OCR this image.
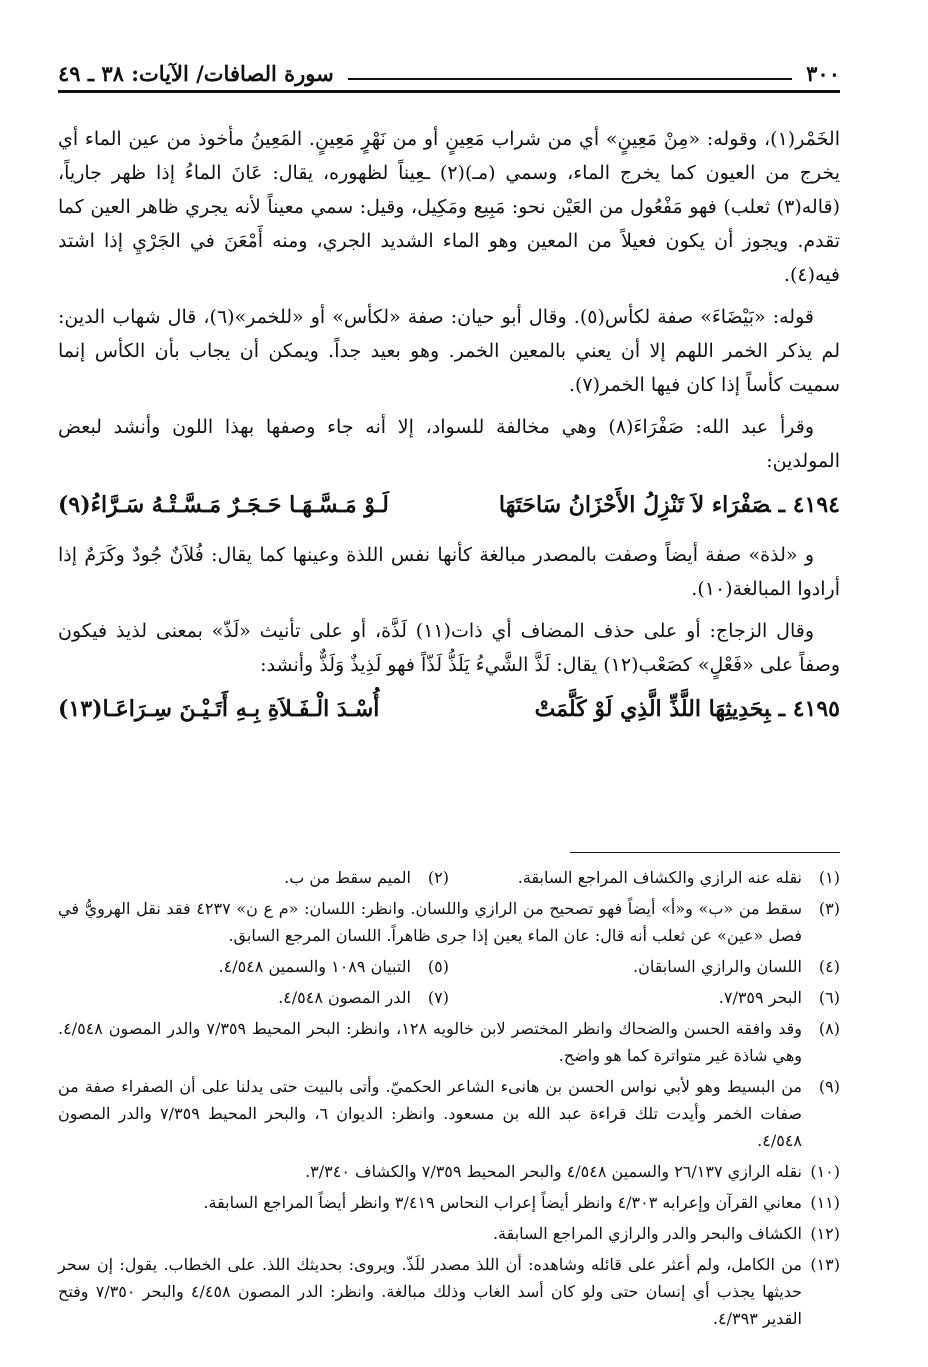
٣٠٠
سورة الصافات/ الآيات: ٣٨ ـ ٤٩

الخَمْر(١)، وقوله: «مِنْ مَعِينٍ» أي من شراب مَعِينٍ أو من نَهْرٍ مَعِينٍ. المَعِينُ مأخوذ من عين الماء أي يخرج من العيون كما يخرج الماء، وسمي (مـ)(٢) ـعِيناً لظهوره، يقال: عَانَ الماءُ إذا ظهر جارياً، (قاله(٣) ثعلب) فهو مَفْعُول من العَيْن نحو: مَبِيع ومَكِيل، وقيل: سمي معيناً لأنه يجري ظاهر العين كما تقدم. ويجوز أن يكون فعيلاً من المعين وهو الماء الشديد الجري، ومنه أَمْعَنَ في الجَرْيِ إذا اشتد فيه(٤).

قوله: «بَيْضَاءَ» صفة لكأس(٥). وقال أبو حيان: صفة «لكأس» أو «للخمر»(٦)، قال شهاب الدين: لم يذكر الخمر اللهم إلا أن يعني بالمعين الخمر. وهو بعيد جداً. ويمكن أن يجاب بأن الكأس إنما سميت كأساً إذا كان فيها الخمر(٧).

وقرأ عبد الله: صَفْرَاءَ(٨) وهي مخالفة للسواد، إلا أنه جاء وصفها بهذا اللون وأنشد لبعض المولدين:

٤١٩٤ ـصَفْرَاء لاَ تَنْزِلُ الأَحْزَانُ سَاحَتَهَا
لَـوْ مَـسَّـهَـا حَـجَـرٌ مَـسَّـتْـهُ سَـرَّاءُ(٩)

و «لذة» صفة أيضاً وصفت بالمصدر مبالغة كأنها نفس اللذة وعينها كما يقال: فُلاَنٌ جُودٌ وكَرَمٌ إذا أرادوا المبالغة(١٠).

وقال الزجاج: أو على حذف المضاف أي ذات(١١) لَذَّة، أو على تأنيث «لَذّ» بمعنى لذيذ فيكون وصفاً على «فَعْلٍ» كصَعْب(١٢) يقال: لَذَّ الشَّيءُ يَلَذُّ لَذّاً فهو لَذِيذٌ وَلَذٌّ وأنشد:

٤١٩٥ ـبِحَدِيثِهَا اللَّذِّ الَّذِي لَوْ كَلَّمَتْ
أُسْـدَ الْـفَـلاَةِ بِـهِ أَتَـيْـنَ سِـرَاعَـا(١٣)
(١)
نقله عنه الرازي والكشاف المراجع السابقة.
(٢)
الميم سقط من ب.
(٣)
سقط من «ب» و«أ» أيضاً فهو تصحيح من الرازي واللسان. وانظر: اللسان: «م ع ن» ٤٢٣٧ فقد نقل الهرويُّ في فصل «عين» عن ثعلب أنه قال: عان الماء يعين إذا جرى ظاهراً. اللسان المرجع السابق.
(٤)
اللسان والرازي السابقان.
(٥)
التبيان ١٠٨٩ والسمين ٤/٥٤٨.
(٦)
البحر ٧/٣٥٩.
(٧)
الدر المصون ٤/٥٤٨.
(٨)
وقد وافقه الحسن والضحاك وانظر المختصر لابن خالويه ١٢٨، وانظر: البحر المحيط ٧/٣٥٩ والدر المصون ٤/٥٤٨. وهي شاذة غير متواترة كما هو واضح.
(٩)
من البسيط وهو لأبي نواس الحسن بن هانىء الشاعر الحكميّ. وأتى بالبيت حتى يدلنا على أن الصفراء صفة من صفات الخمر وأيدت تلك قراءة عبد الله بن مسعود. وانظر: الديوان ٦، والبحر المحيط ٧/٣٥٩ والدر المصون ٤/٥٤٨.
(١٠)
نقله الرازي ٢٦/١٣٧ والسمين ٤/٥٤٨ والبحر المحيط ٧/٣٥٩ والكشاف ٣/٣٤٠.
(١١)
معاني القرآن وإعرابه ٤/٣٠٣ وانظر أيضاً إعراب النحاس ٣/٤١٩ وانظر أيضاً المراجع السابقة.
(١٢)
الكشاف والبحر والدر والرازي المراجع السابقة.
(١٣)
من الكامل، ولم أعثر على قائله وشاهده: أن اللذ مصدر للَذّ. ويروى: بحديثك اللذ. على الخطاب. يقول: إن سحر حديثها يجذب أي إنسان حتى ولو كان أسد الغاب وذلك مبالغة. وانظر: الدر المصون ٤/٤٥٨ والبحر ٧/٣٥٠ وفتح القدير ٤/٣٩٣.
